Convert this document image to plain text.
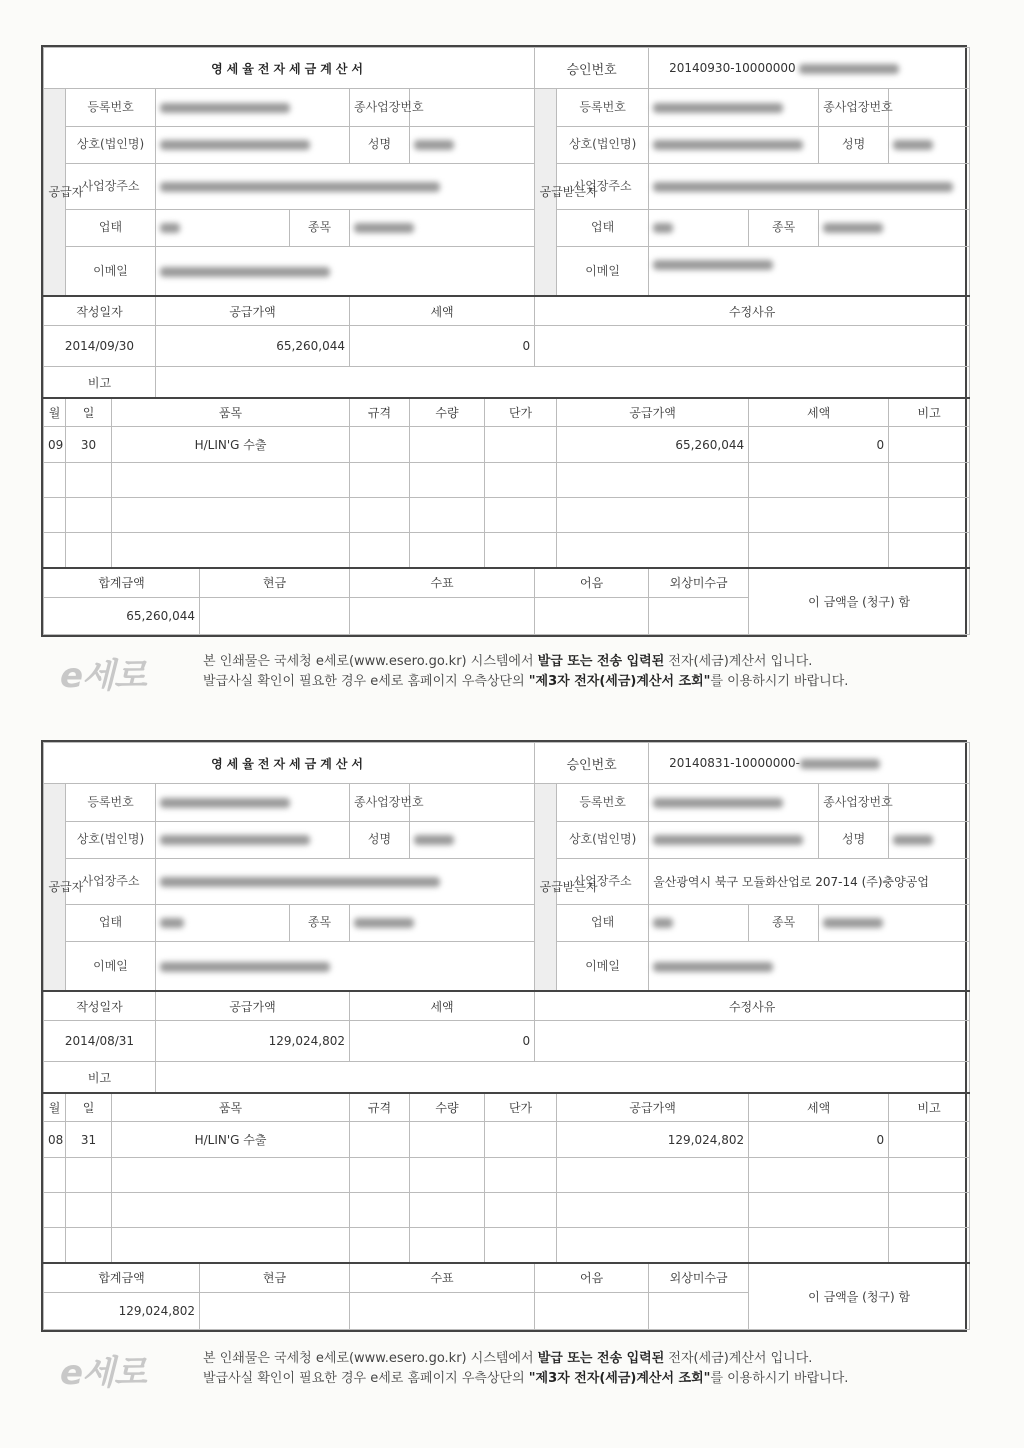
영세율전자세금계산서									승인번호		20140930-10000000			

공급자	등록번호					종사업장번호			공급받는자	등록번호			종사업장번호	
	상호(법인명)					성명				상호(법인명)			성명	
	사업장주소									사업장주소				
	업태				종목					업태		종목		
	이메일									이메일				

작성일자			공급가액			세액			수정사유					
2014/09/30			65,260,044			0								
비고														
월	일	품목				규격	수량	단가		공급가액		세액		비고
09	30	H/LIN'G 수출								65,260,044		0		

합계금액				현금		수표			어음		외상미수금	이 금액을 (청구) 함		
65,260,044														
e세로	본 인쇄물은 국세청 e세로(www.esero.go.kr) 시스템에서 발급 또는 전송 입력된 전자(세금)계산서 입니다.
발급사실 확인이 필요한 경우 e세로 홈페이지 우측상단의 "제3자 전자(세금)계산서 조회"를 이용하시기 바랍니다.
영세율전자세금계산서									승인번호		20140831-10000000-			

공급자	등록번호					종사업장번호			공급받는자	등록번호			종사업장번호	
	상호(법인명)					성명				상호(법인명)			성명	
	사업장주소									사업장주소	울산광역시 북구 모듈화산업로 207-14 (주)충양공업			
	업태				종목					업태		종목		
	이메일									이메일				
작성일자			공급가액			세액			수정사유					
2014/08/31			129,024,802			0								
비고														
월	일	품목				규격	수량	단가		공급가액		세액		비고
08	31	H/LIN'G 수출								129,024,802		0		

합계금액				현금		수표			어음		외상미수금	이 금액을 (청구) 함		
129,024,802														
e세로	본 인쇄물은 국세청 e세로(www.esero.go.kr) 시스템에서 발급 또는 전송 입력된 전자(세금)계산서 입니다.
발급사실 확인이 필요한 경우 e세로 홈페이지 우측상단의 "제3자 전자(세금)계산서 조회"를 이용하시기 바랍니다.
